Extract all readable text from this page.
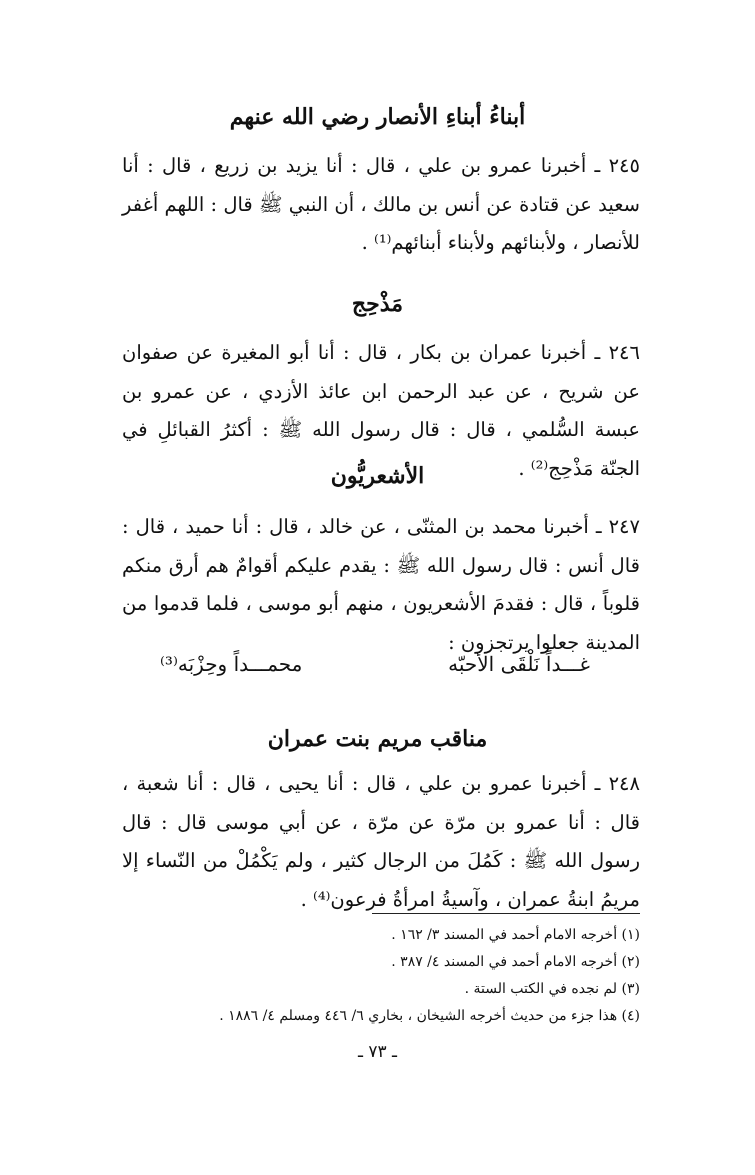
أبناءُ أبناءِ الأنصار رضي الله عنهم
٢٤٥ ـ أخبرنا عمرو بن علي ، قال : أنا يزيد بن زريع ، قال : أنا سعيد عن قتادة عن أنس بن مالك ، أن النبي ﷺ قال : اللهم أغفر للأنصار ، ولأبنائهم ولأبناء أبنائهم⁽¹⁾ .
مَذْحِج
٢٤٦ ـ أخبرنا عمران بن بكار ، قال : أنا أبو المغيرة عن صفوان عن شريح ، عن عبد الرحمن ابن عائذ الأزدي ، عن عمرو بن عبسة السُّلمي ، قال : قال رسول الله ﷺ : أكثرُ القبائلِ في الجنّة مَذْحِج⁽²⁾ .
الأشعريُّون
٢٤٧ ـ أخبرنا محمد بن المثنّى ، عن خالد ، قال : أنا حميد ، قال : قال أنس : قال رسول الله ﷺ : يقدم عليكم أقوامٌ هم أرق منكم قلوباً ، قال : فقدمَ الأشعريون ، منهم أبو موسى ، فلما قدموا من المدينة جعلوا يرتجزون :
غـــداً نَلْقَى الأحبّه
محمـــداً وحِزْبَه⁽³⁾
مناقب مريم بنت عمران
٢٤٨ ـ أخبرنا عمرو بن علي ، قال : أنا يحيى ، قال : أنا شعبة ، قال : أنا عمرو بن مرّة عن مرّة ، عن أبي موسى قال : قال رسول الله ﷺ : كَمُلَ من الرجال كثير ، ولم يَكْمُلْ من النّساء إلا مريمُ ابنةُ عمران ، وآسيةُ امرأةُ فرعون⁽⁴⁾ .
(١) أخرجه الامام أحمد في المسند ٣/ ١٦٢ .
(٢) أخرجه الامام أحمد في المسند ٤/ ٣٨٧ .
(٣) لم نجده في الكتب الستة .
(٤) هذا جزء من حديث أخرجه الشيخان ، بخاري ٦/ ٤٤٦ ومسلم ٤/ ١٨٨٦ .
ـ ٧٣ ـ
